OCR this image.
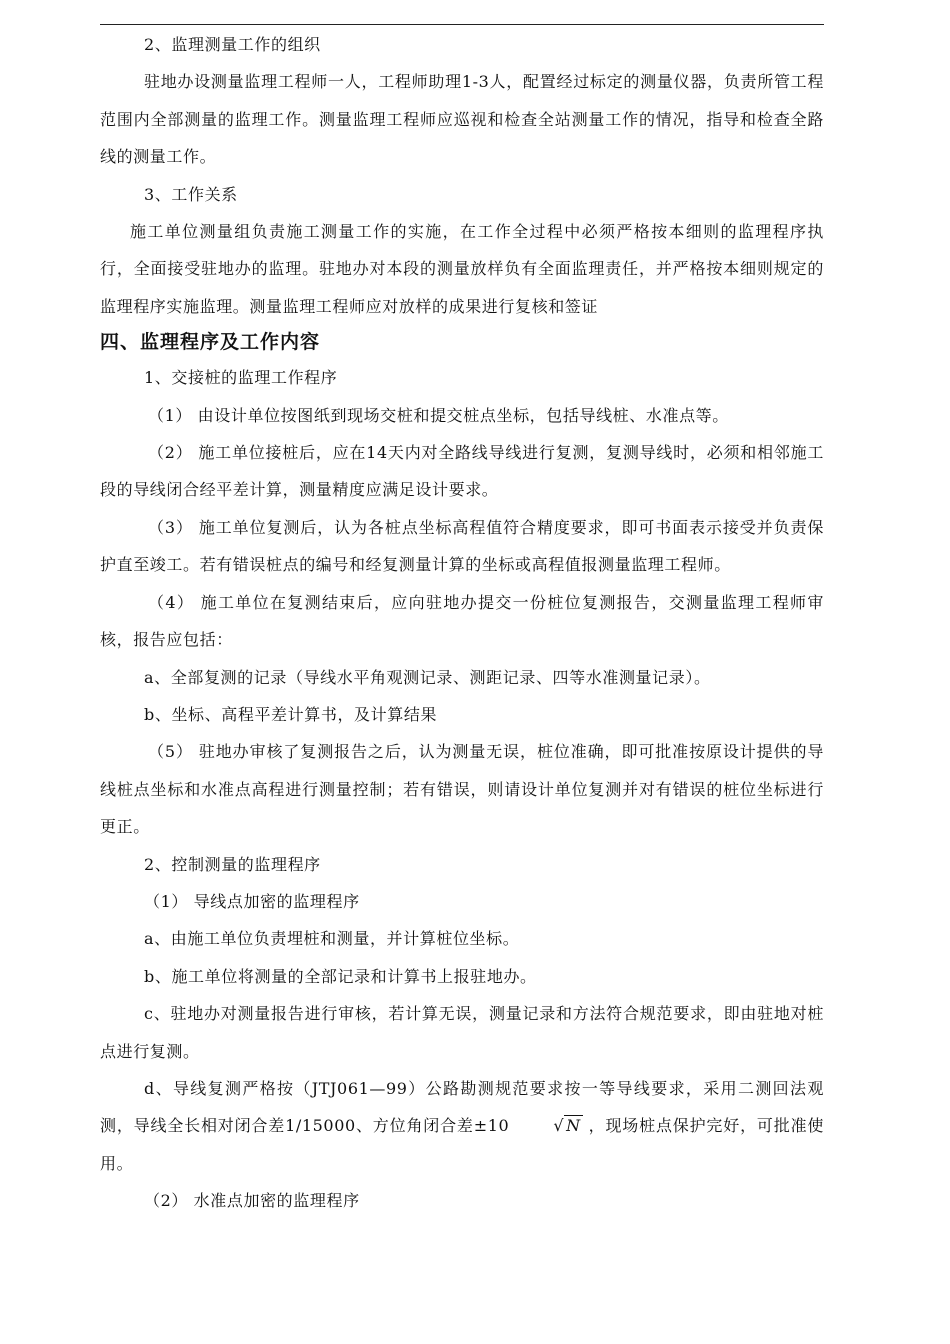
2、监理测量工作的组织

驻地办设测量监理工程师一人，工程师助理1-3人，配置经过标定的测量仪器，负责所管工程范围内全部测量的监理工作。测量监理工程师应巡视和检查全站测量工作的情况，指导和检查全路线的测量工作。

3、工作关系

施工单位测量组负责施工测量工作的实施，在工作全过程中必须严格按本细则的监理程序执行，全面接受驻地办的监理。驻地办对本段的测量放样负有全面监理责任，并严格按本细则规定的监理程序实施监理。测量监理工程师应对放样的成果进行复核和签证

四、监理程序及工作内容

1、交接桩的监理工作程序

（1） 由设计单位按图纸到现场交桩和提交桩点坐标，包括导线桩、水准点等。

（2） 施工单位接桩后，应在14天内对全路线导线进行复测，复测导线时，必须和相邻施工段的导线闭合经平差计算，测量精度应满足设计要求。

（3） 施工单位复测后，认为各桩点坐标高程值符合精度要求，即可书面表示接受并负责保护直至竣工。若有错误桩点的编号和经复测量计算的坐标或高程值报测量监理工程师。

（4） 施工单位在复测结束后，应向驻地办提交一份桩位复测报告，交测量监理工程师审核，报告应包括：

a、全部复测的记录（导线水平角观测记录、测距记录、四等水准测量记录）。

b、坐标、高程平差计算书，及计算结果

（5） 驻地办审核了复测报告之后，认为测量无误，桩位准确，即可批准按原设计提供的导线桩点坐标和水准点高程进行测量控制；若有错误，则请设计单位复测并对有错误的桩位坐标进行更正。

2、控制测量的监理程序

（1） 导线点加密的监理程序

a、由施工单位负责埋桩和测量，并计算桩位坐标。

b、施工单位将测量的全部记录和计算书上报驻地办。

c、驻地办对测量报告进行审核，若计算无误，测量记录和方法符合规范要求，即由驻地对桩点进行复测。

d、导线复测严格按（JTJ061—99）公路勘测规范要求按一等导线要求，采用二测回法观测，导线全长相对闭合差1/15000、方位角闭合差±10	√ N ，现场桩点保护完好，可批准使用。

（2） 水准点加密的监理程序
